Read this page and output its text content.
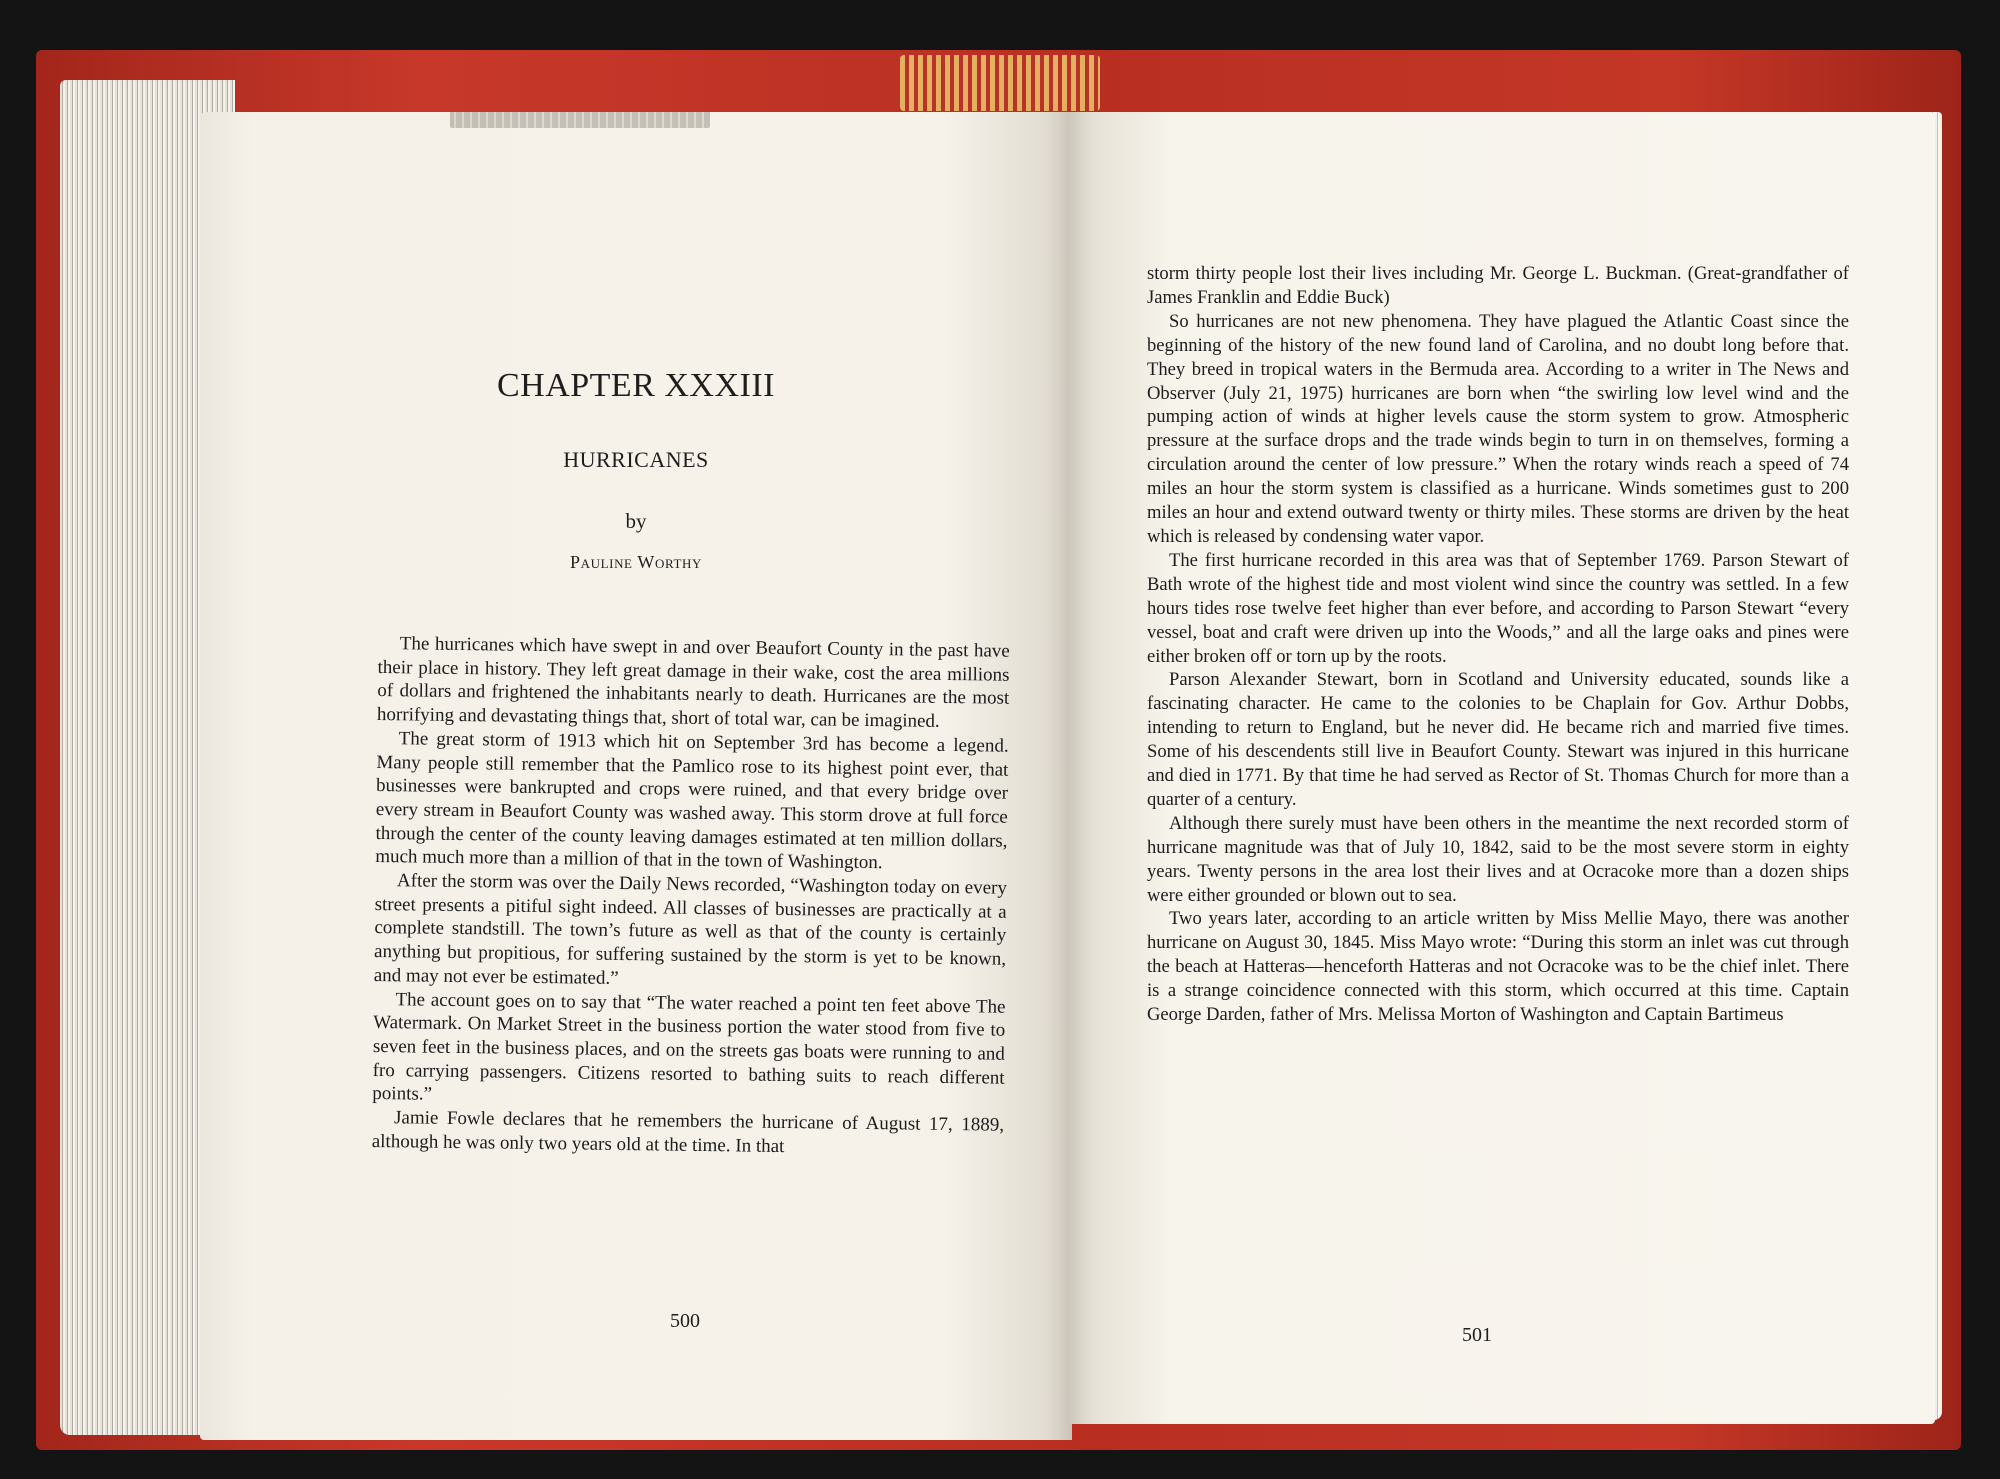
CHAPTER XXXIII
HURRICANES
by
Pauline Worthy

The hurricanes which have swept in and over Beaufort County in the past have their place in history. They left great damage in their wake, cost the area millions of dollars and frightened the inhabitants nearly to death. Hurricanes are the most horrifying and devastating things that, short of total war, can be imagined.

The great storm of 1913 which hit on September 3rd has become a legend. Many people still remember that the Pamlico rose to its highest point ever, that businesses were bankrupted and crops were ruined, and that every bridge over every stream in Beaufort County was washed away. This storm drove at full force through the center of the county leaving damages estimated at ten million dollars, much much more than a million of that in the town of Washington.

After the storm was over the Daily News recorded, “Washington today on every street presents a pitiful sight indeed. All classes of businesses are practically at a complete standstill. The town’s future as well as that of the county is certainly anything but propitious, for suffering sustained by the storm is yet to be known, and may not ever be estimated.”

The account goes on to say that “The water reached a point ten feet above The Watermark. On Market Street in the business portion the water stood from five to seven feet in the business places, and on the streets gas boats were running to and fro carrying passengers. Citizens resorted to bathing suits to reach different points.”

Jamie Fowle declares that he remembers the hurricane of August 17, 1889, although he was only two years old at the time. In that

500

storm thirty people lost their lives including Mr. George L. Buckman. (Great-grandfather of James Franklin and Eddie Buck)

So hurricanes are not new phenomena. They have plagued the Atlantic Coast since the beginning of the history of the new found land of Carolina, and no doubt long before that. They breed in tropical waters in the Bermuda area. According to a writer in The News and Observer (July 21, 1975) hurricanes are born when “the swirling low level wind and the pumping action of winds at higher levels cause the storm system to grow. Atmospheric pressure at the surface drops and the trade winds begin to turn in on themselves, forming a circulation around the center of low pressure.” When the rotary winds reach a speed of 74 miles an hour the storm system is classified as a hurricane. Winds sometimes gust to 200 miles an hour and extend outward twenty or thirty miles. These storms are driven by the heat which is released by condensing water vapor.

The first hurricane recorded in this area was that of September 1769. Parson Stewart of Bath wrote of the highest tide and most violent wind since the country was settled. In a few hours tides rose twelve feet higher than ever before, and according to Parson Stewart “every vessel, boat and craft were driven up into the Woods,” and all the large oaks and pines were either broken off or torn up by the roots.

Parson Alexander Stewart, born in Scotland and University educated, sounds like a fascinating character. He came to the colonies to be Chaplain for Gov. Arthur Dobbs, intending to return to England, but he never did. He became rich and married five times. Some of his descendents still live in Beaufort County. Stewart was injured in this hurricane and died in 1771. By that time he had served as Rector of St. Thomas Church for more than a quarter of a century.

Although there surely must have been others in the meantime the next recorded storm of hurricane magnitude was that of July 10, 1842, said to be the most severe storm in eighty years. Twenty persons in the area lost their lives and at Ocracoke more than a dozen ships were either grounded or blown out to sea.

Two years later, according to an article written by Miss Mellie Mayo, there was another hurricane on August 30, 1845. Miss Mayo wrote: “During this storm an inlet was cut through the beach at Hatteras—henceforth Hatteras and not Ocracoke was to be the chief inlet. There is a strange coincidence connected with this storm, which occurred at this time. Captain George Darden, father of Mrs. Melissa Morton of Washington and Captain Bartimeus

501
